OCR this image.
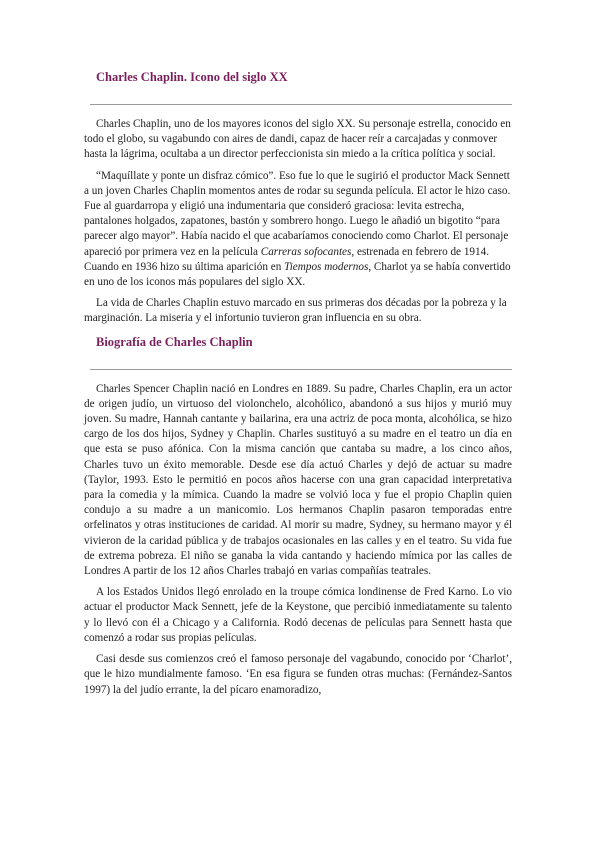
Charles Chaplin. Icono del siglo XX

Charles Chaplin, uno de los mayores iconos del siglo XX. Su personaje estrella, conocido en todo el globo, su vagabundo con aires de dandi, capaz de hacer reír a carcajadas y conmover hasta la lágrima, ocultaba a un director perfeccionista sin miedo a la crítica política y social.

“Maquíllate y ponte un disfraz cómico”. Eso fue lo que le sugirió el productor Mack Sennett a un joven Charles Chaplin momentos antes de rodar su segunda película. El actor le hizo caso. Fue al guardarropa y eligió una indumentaria que consideró graciosa: levita estrecha, pantalones holgados, zapatones, bastón y sombrero hongo. Luego le añadió un bigotito “para parecer algo mayor”. Había nacido el que acabaríamos conociendo como Charlot. El personaje apareció por primera vez en la película Carreras sofocantes, estrenada en febrero de 1914. Cuando en 1936 hizo su última aparición en Tiempos modernos, Charlot ya se había convertido en uno de los iconos más populares del siglo XX.

La vida de Charles Chaplin estuvo marcado en sus primeras dos décadas por la pobreza y la marginación. La miseria y el infortunio tuvieron gran influencia en su obra.

Biografía de Charles Chaplin

Charles Spencer Chaplin nació en Londres en 1889. Su padre, Charles Chaplin, era un actor de origen judío, un virtuoso del violonchelo, alcohólico, abandonó a sus hijos y murió muy joven. Su madre, Hannah cantante y bailarina, era una actriz de poca monta, alcohólica, se hizo cargo de los dos hijos, Sydney y Chaplin. Charles sustituyó a su madre en el teatro un día en que esta se puso afónica. Con la misma canción que cantaba su madre, a los cinco años, Charles tuvo un éxito memorable. Desde ese día actuó Charles y dejó de actuar su madre (Taylor, 1993. Esto le permitió en pocos años hacerse con una gran capacidad interpretativa para la comedia y la mímica. Cuando la madre se volvió loca y fue el propio Chaplin quien condujo a su madre a un manicomio. Los hermanos Chaplin pasaron temporadas entre orfelinatos y otras instituciones de caridad. Al morir su madre, Sydney, su hermano mayor y él vivieron de la caridad pública y de trabajos ocasionales en las calles y en el teatro. Su vida fue de extrema pobreza. El niño se ganaba la vida cantando y haciendo mímica por las calles de Londres A partir de los 12 años Charles trabajó en varias compañías teatrales.

A los Estados Unidos llegó enrolado en la troupe cómica londinense de Fred Karno. Lo vio actuar el productor Mack Sennett, jefe de la Keystone, que percibió inmediatamente su talento y lo llevó con él a Chicago y a California. Rodó decenas de películas para Sennett hasta que comenzó a rodar sus propias películas.

Casi desde sus comienzos creó el famoso personaje del vagabundo, conocido por ‘Charlot’, que le hizo mundialmente famoso. ‘En esa figura se funden otras muchas: (Fernández-Santos 1997) la del judío errante, la del pícaro enamoradizo,
